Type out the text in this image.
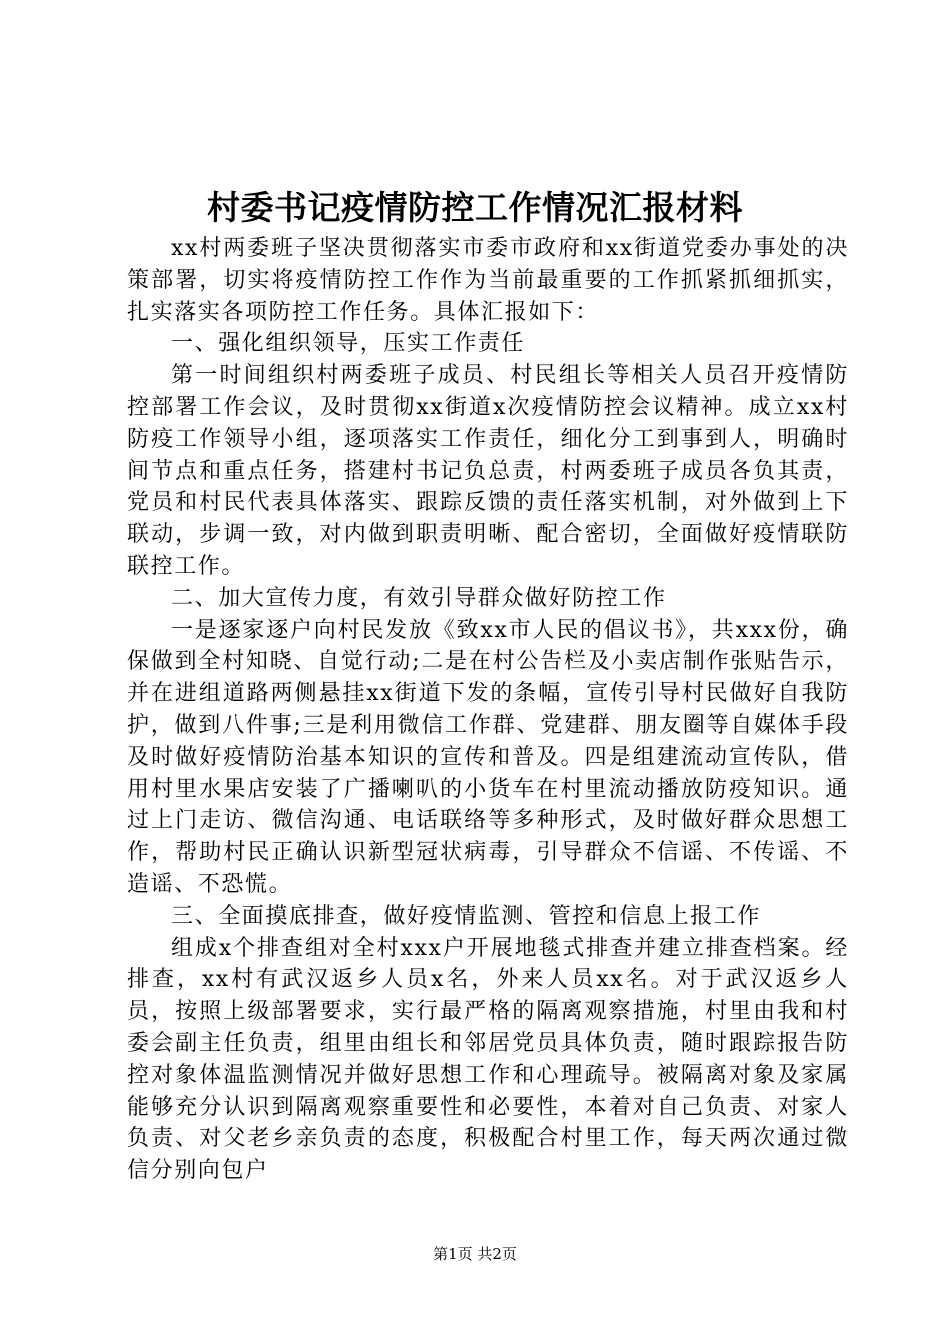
村委书记疫情防控工作情况汇报材料

xx村两委班子坚决贯彻落实市委市政府和xx街道党委办事处的决策部署，切实将疫情防控工作作为当前最重要的工作抓紧抓细抓实，扎实落实各项防控工作任务。具体汇报如下：

一、强化组织领导，压实工作责任

第一时间组织村两委班子成员、村民组长等相关人员召开疫情防控部署工作会议，及时贯彻xx街道x次疫情防控会议精神。成立xx村防疫工作领导小组，逐项落实工作责任，细化分工到事到人，明确时间节点和重点任务，搭建村书记负总责，村两委班子成员各负其责，党员和村民代表具体落实、跟踪反馈的责任落实机制，对外做到上下联动，步调一致，对内做到职责明晰、配合密切，全面做好疫情联防联控工作。

二、加大宣传力度，有效引导群众做好防控工作

一是逐家逐户向村民发放《致xx市人民的倡议书》，共xxx份，确保做到全村知晓、自觉行动;二是在村公告栏及小卖店制作张贴告示，并在进组道路两侧悬挂xx街道下发的条幅，宣传引导村民做好自我防护，做到八件事;三是利用微信工作群、党建群、朋友圈等自媒体手段及时做好疫情防治基本知识的宣传和普及。四是组建流动宣传队，借用村里水果店安装了广播喇叭的小货车在村里流动播放防疫知识。通过上门走访、微信沟通、电话联络等多种形式，及时做好群众思想工作，帮助村民正确认识新型冠状病毒，引导群众不信谣、不传谣、不造谣、不恐慌。

三、全面摸底排查，做好疫情监测、管控和信息上报工作

组成x个排查组对全村xxx户开展地毯式排查并建立排查档案。经排查，xx村有武汉返乡人员x名，外来人员xx名。对于武汉返乡人员，按照上级部署要求，实行最严格的隔离观察措施，村里由我和村委会副主任负责，组里由组长和邻居党员具体负责，随时跟踪报告防控对象体温监测情况并做好思想工作和心理疏导。被隔离对象及家属能够充分认识到隔离观察重要性和必要性，本着对自己负责、对家人负责、对父老乡亲负责的态度，积极配合村里工作，每天两次通过微信分别向包户

第1页 共2页
